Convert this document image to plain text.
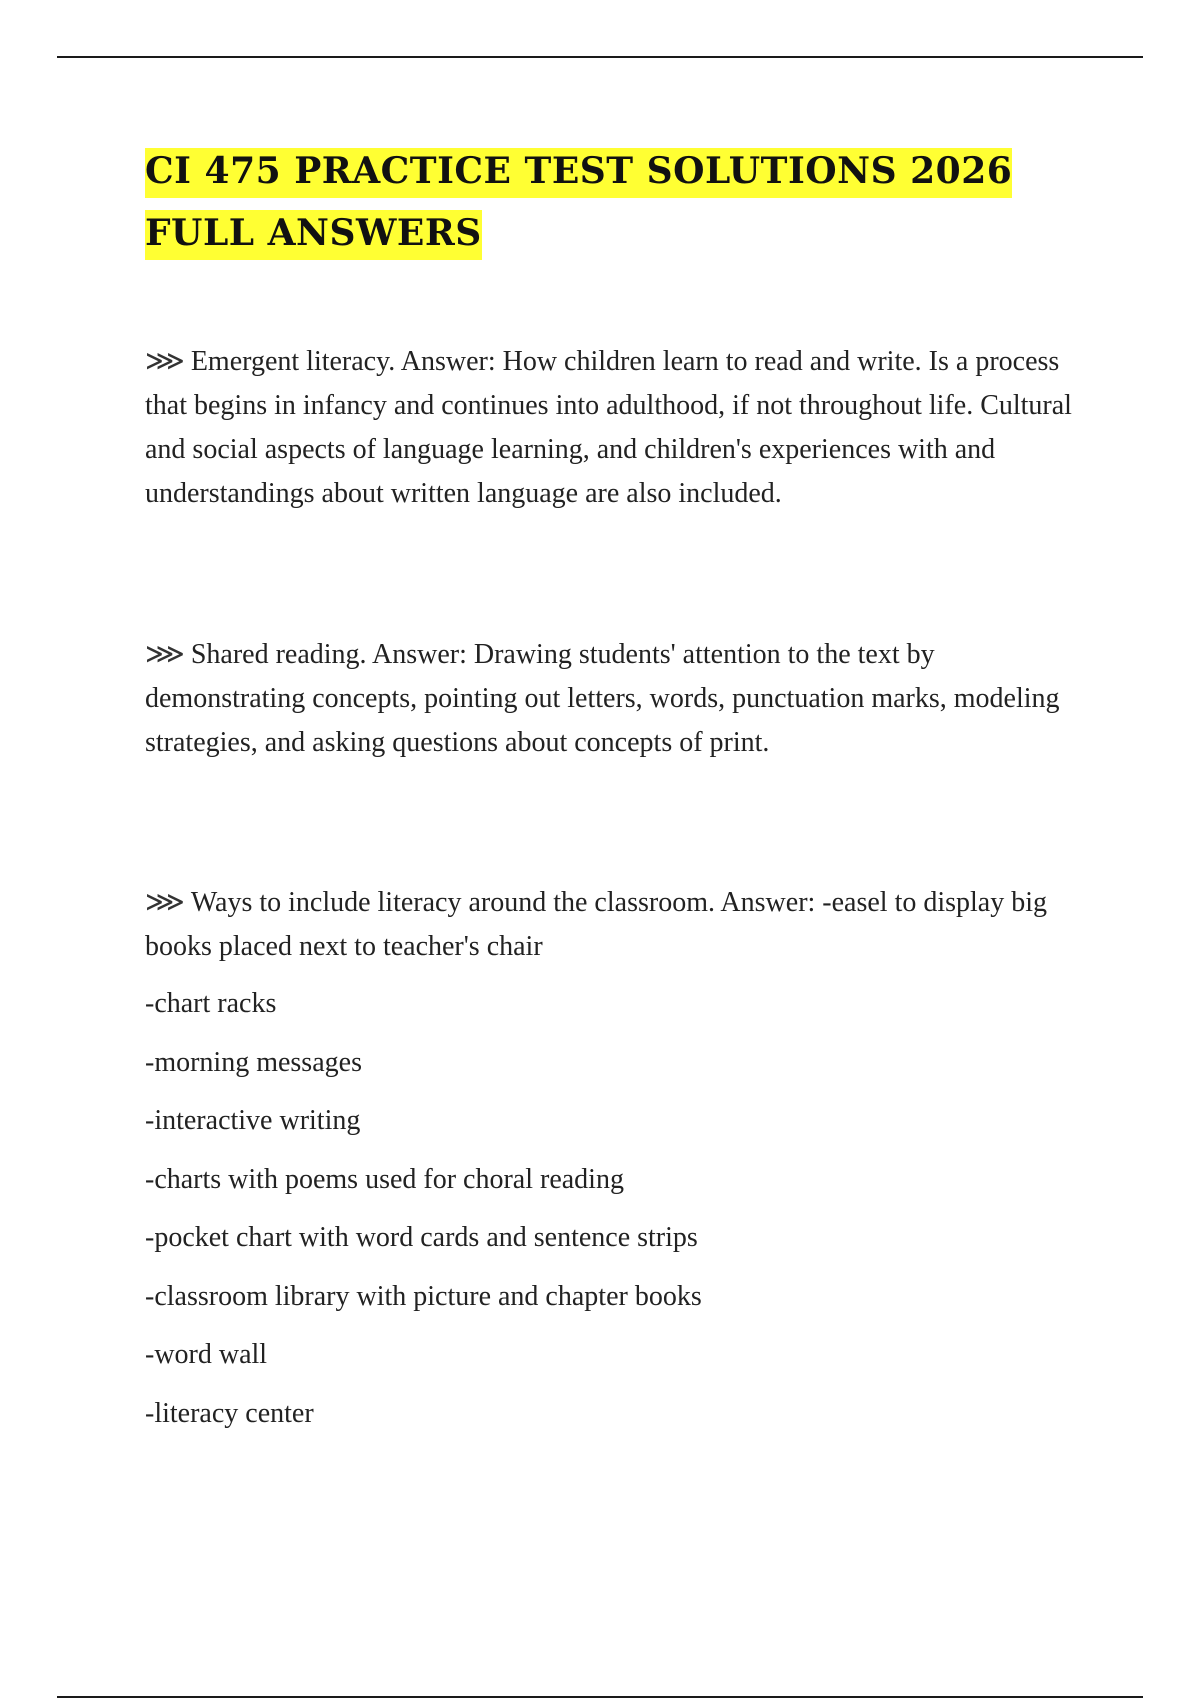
CI 475 PRACTICE TEST SOLUTIONS 2026 FULL ANSWERS

⋙ Emergent literacy. Answer: How children learn to read and write. Is a process that begins in infancy and continues into adulthood, if not throughout life. Cultural and social aspects of language learning, and children's experiences with and understandings about written language are also included.

⋙ Shared reading. Answer: Drawing students' attention to the text by demonstrating concepts, pointing out letters, words, punctuation marks, modeling strategies, and asking questions about concepts of print.

⋙ Ways to include literacy around the classroom. Answer: -easel to display big books placed next to teacher's chair

-chart racks
-morning messages
-interactive writing
-charts with poems used for choral reading
-pocket chart with word cards and sentence strips
-classroom library with picture and chapter books
-word wall
-literacy center
